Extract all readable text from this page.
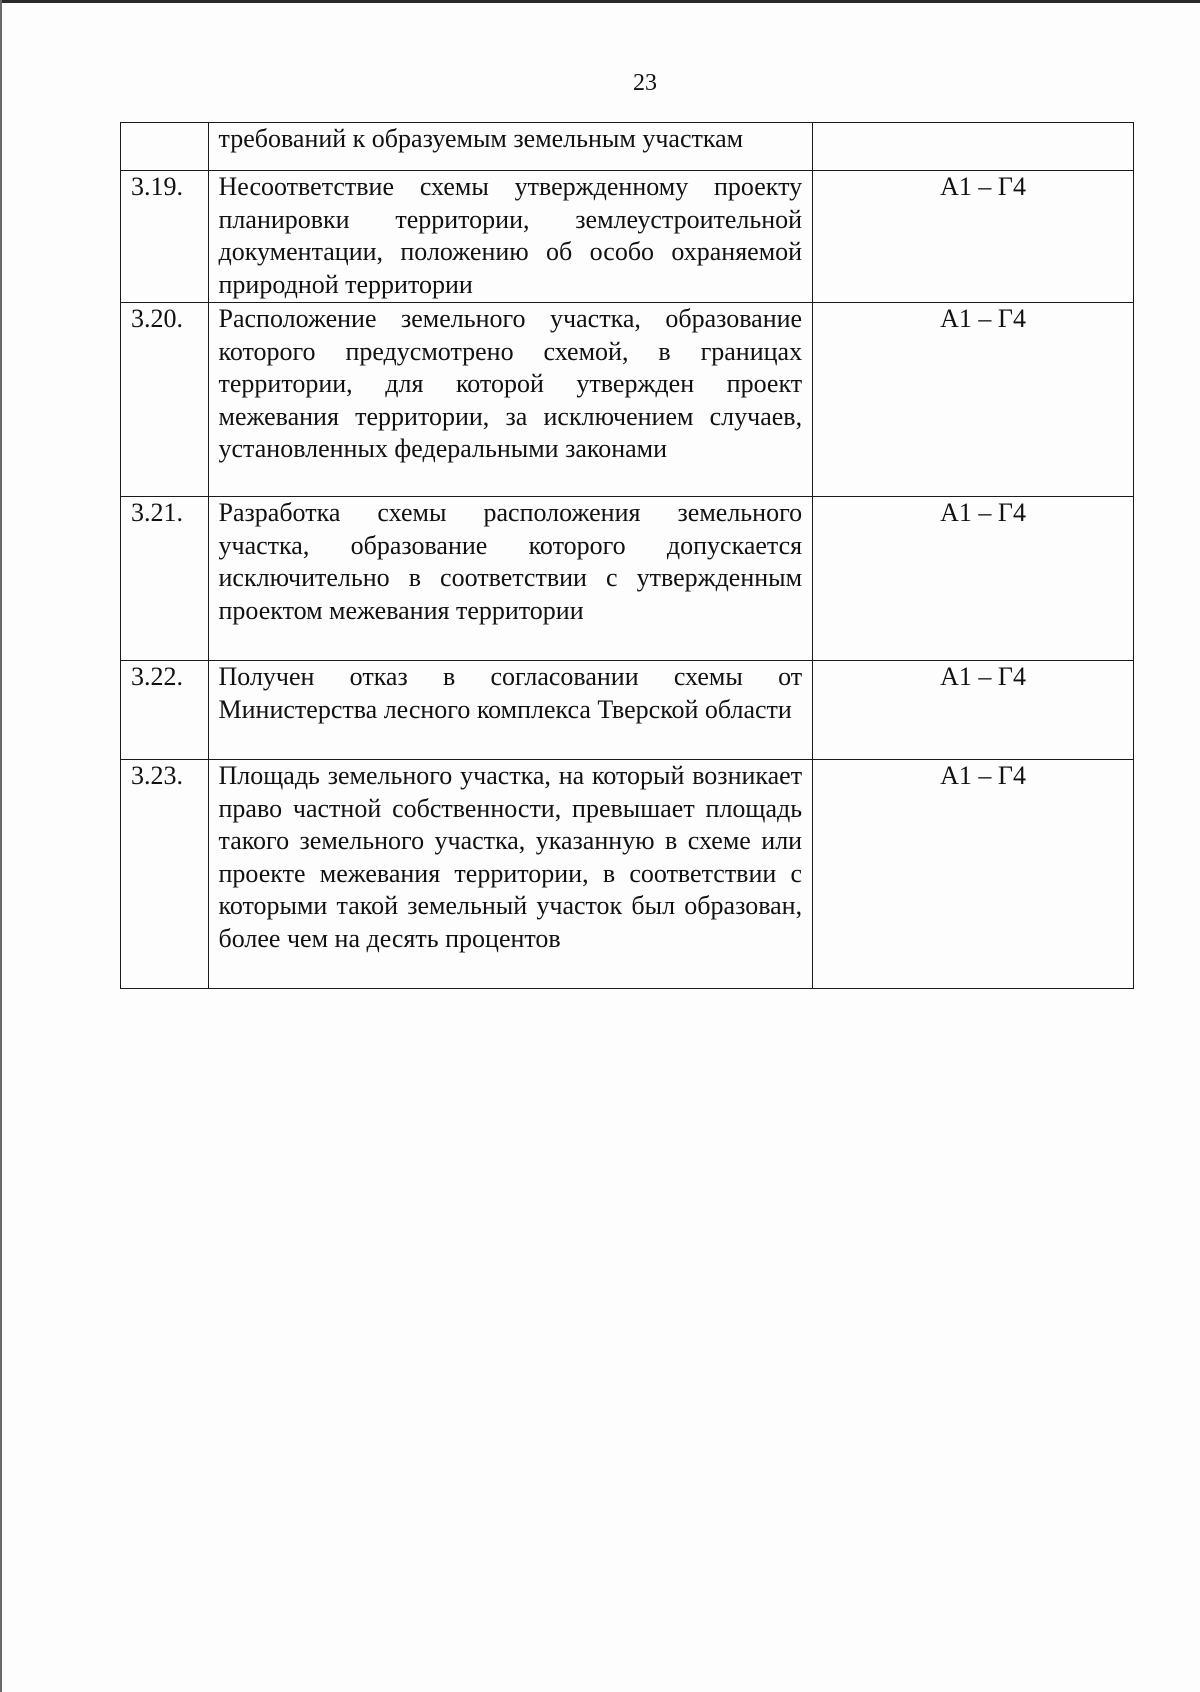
23
	требований к образуемым земельным участкам	
3.19.	Несоответствие схемы утвержденному проекту планировки территории, землеустроительной документации, положению об особо охраняемой природной территории	А1 – Г4
3.20.	Расположение земельного участка, образование которого предусмотрено схемой, в границах территории, для которой утвержден проект межевания территории, за исключением случаев, установленных федеральными законами	А1 – Г4
3.21.	Разработка схемы расположения земельного участка, образование которого допускается исключительно в соответствии с утвержденным проектом межевания территории	А1 – Г4
3.22.	Получен отказ в согласовании схемы от Министерства лесного комплекса Тверской области	А1 – Г4
3.23.	Площадь земельного участка, на который возникает право частной собственности, превышает площадь такого земельного участка, указанную в схеме или проекте межевания территории, в соответствии с которыми такой земельный участок был образован, более чем на десять процентов	А1 – Г4
